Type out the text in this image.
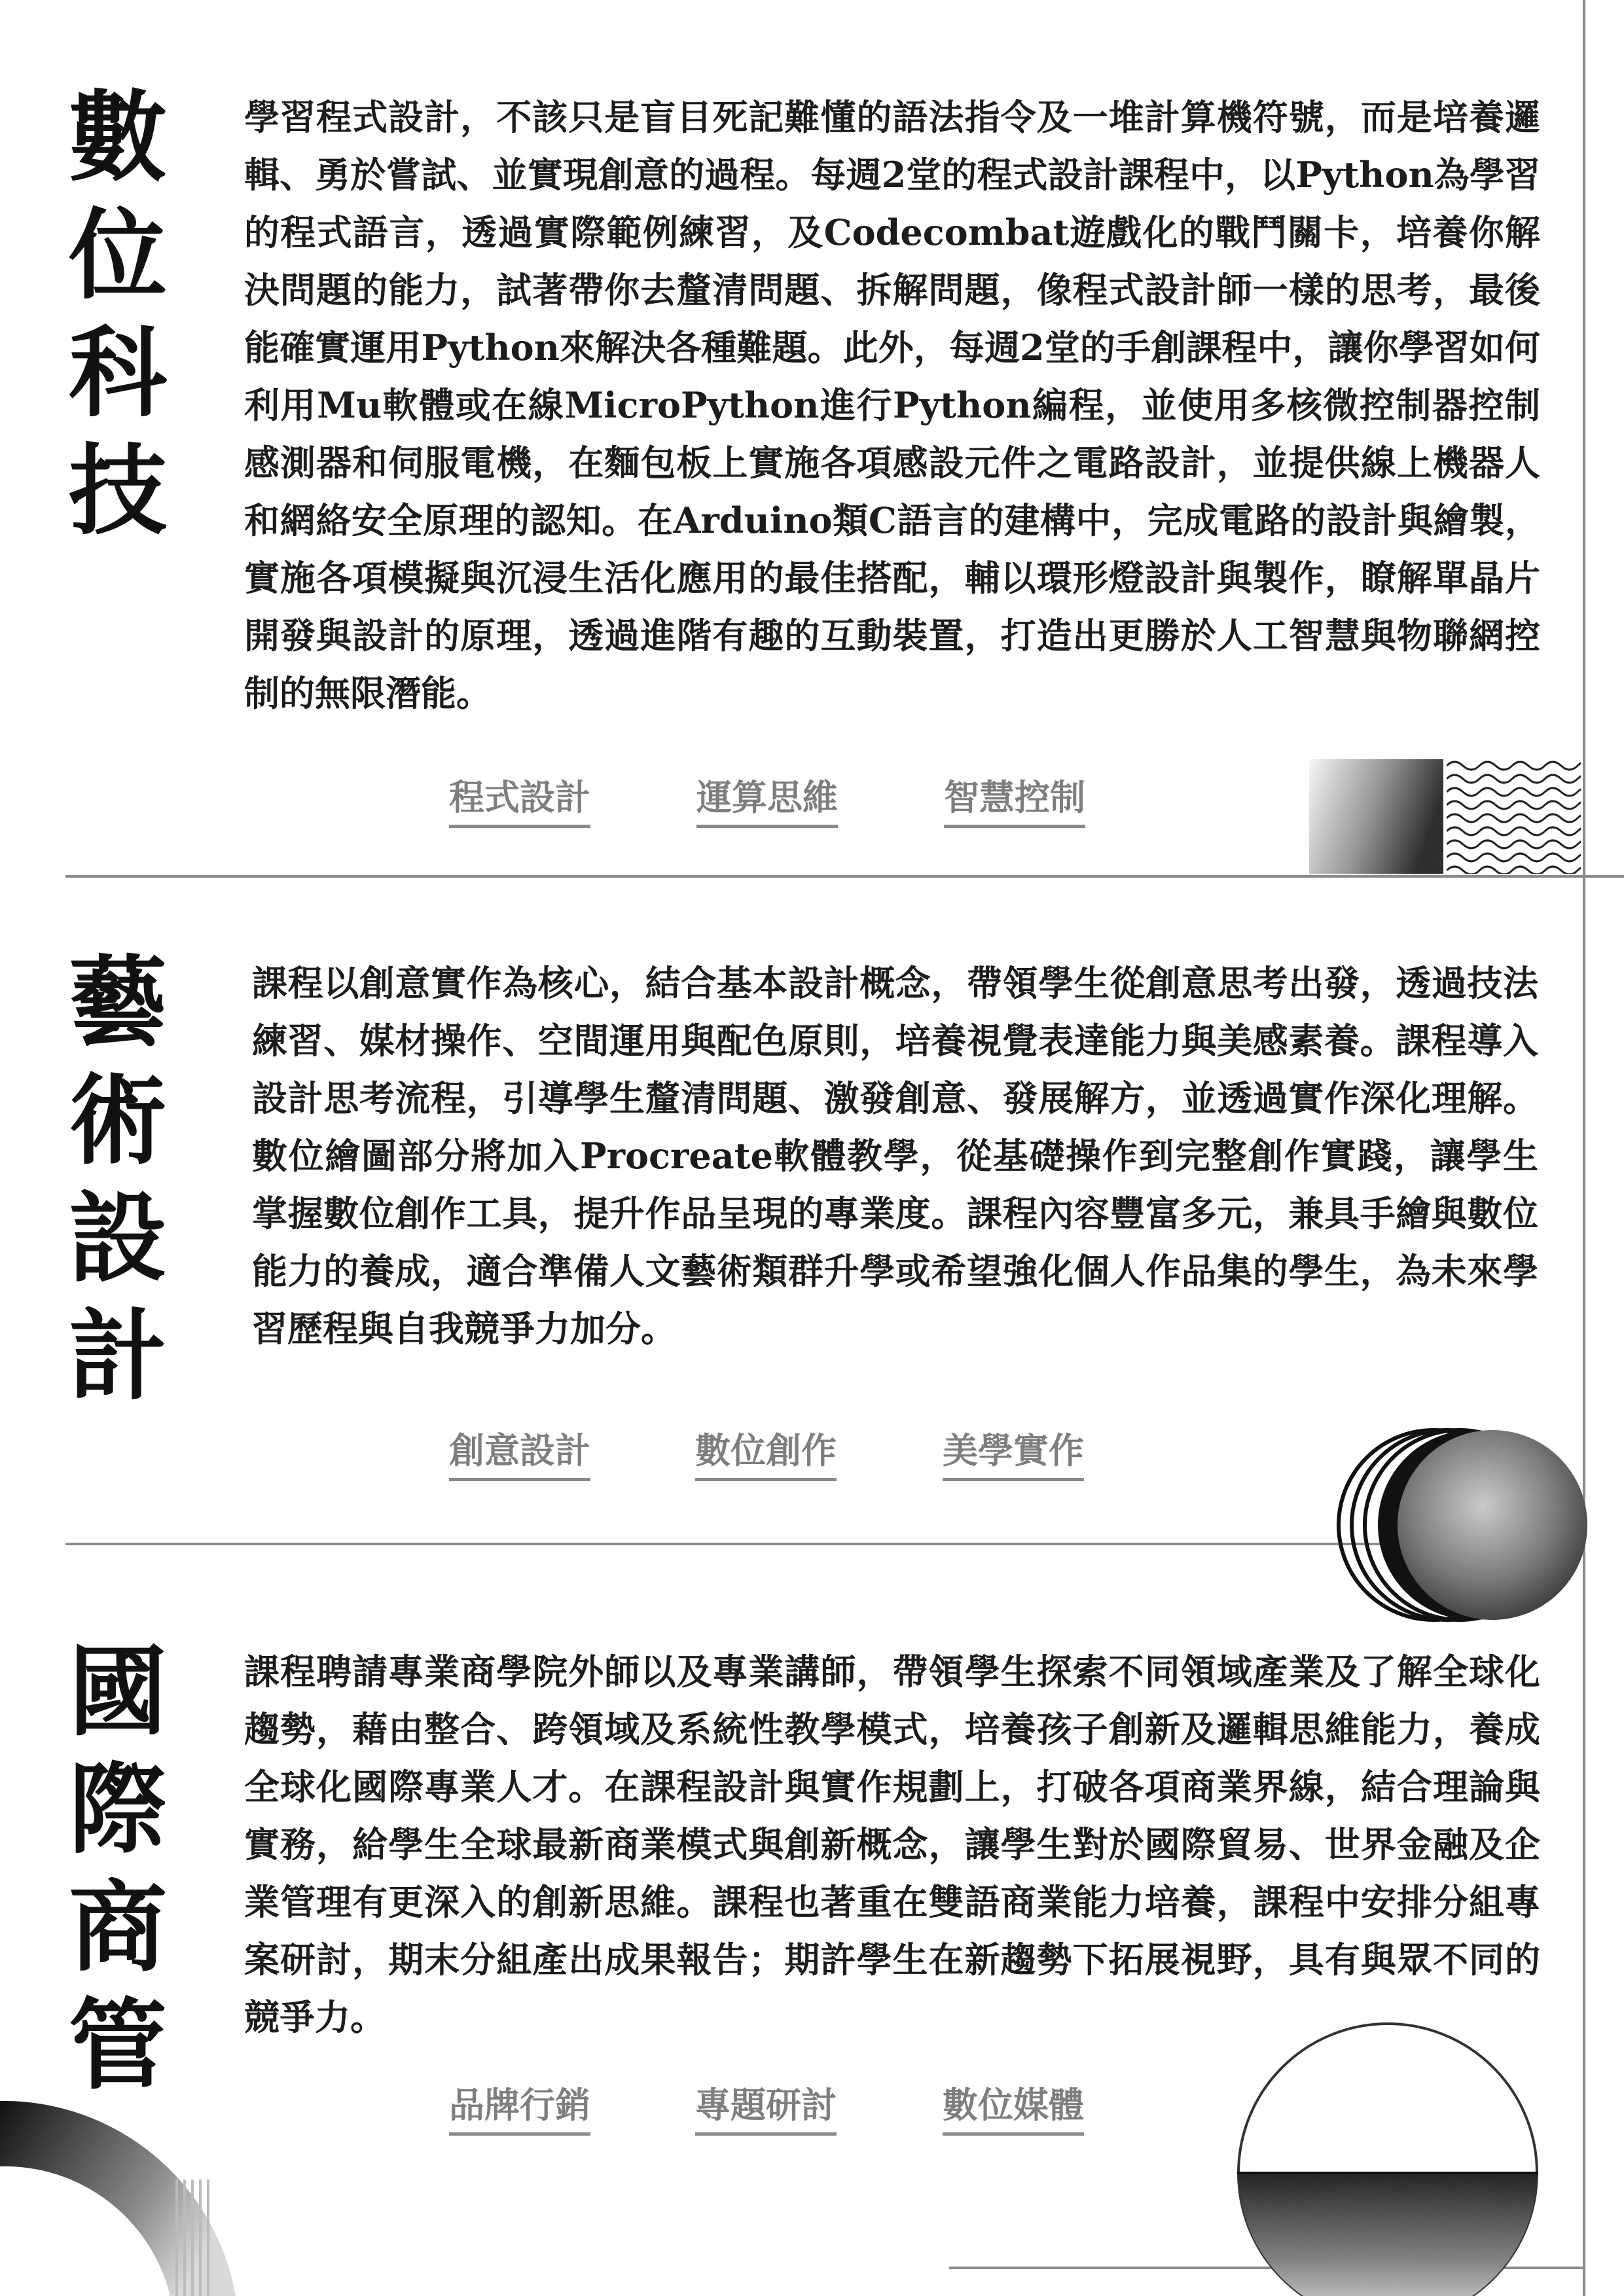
數位科技 學習程式設計，不該只是盲目死記難懂的語法指令及一堆計算機符號，而是培養邏輯、勇於嘗試、並實現創意的過程。每週2堂的程式設計課程中，以Python為學習的程式語言，透過實際範例練習，及Codecombat遊戲化的戰鬥關卡，培養你解決問題的能力，試著帶你去釐清問題、拆解問題，像程式設計師一樣的思考，最後能確實運用Python來解決各種難題。此外，每週2堂的手創課程中，讓你學習如何利用Mu軟體或在線MicroPython進行Python編程，並使用多核微控制器控制感測器和伺服電機，在麵包板上實施各項感設元件之電路設計，並提供線上機器人和網絡安全原理的認知。在Arduino類C語言的建構中，完成電路的設計與繪製，實施各項模擬與沉浸生活化應用的最佳搭配，輔以環形燈設計與製作，瞭解單晶片開發與設計的原理，透過進階有趣的互動裝置，打造出更勝於人工智慧與物聯網控制的無限潛能。
程式設計	運算思維	智慧控制
藝術設計 課程以創意實作為核心，結合基本設計概念，帶領學生從創意思考出發，透過技法練習、媒材操作、空間運用與配色原則，培養視覺表達能力與美感素養。課程導入設計思考流程，引導學生釐清問題、激發創意、發展解方，並透過實作深化理解。數位繪圖部分將加入Procreate軟體教學，從基礎操作到完整創作實踐，讓學生掌握數位創作工具，提升作品呈現的專業度。課程內容豐富多元，兼具手繪與數位能力的養成，適合準備人文藝術類群升學或希望強化個人作品集的學生，為未來學習歷程與自我競爭力加分。
創意設計	數位創作	美學實作
國際商管 課程聘請專業商學院外師以及專業講師，帶領學生探索不同領域產業及了解全球化趨勢，藉由整合、跨領域及系統性教學模式，培養孩子創新及邏輯思維能力，養成全球化國際專業人才。在課程設計與實作規劃上，打破各項商業界線，結合理論與實務，給學生全球最新商業模式與創新概念，讓學生對於國際貿易、世界金融及企業管理有更深入的創新思維。課程也著重在雙語商業能力培養，課程中安排分組專案研討，期末分組產出成果報告；期許學生在新趨勢下拓展視野，具有與眾不同的競爭力。
品牌行銷	專題研討	數位媒體
